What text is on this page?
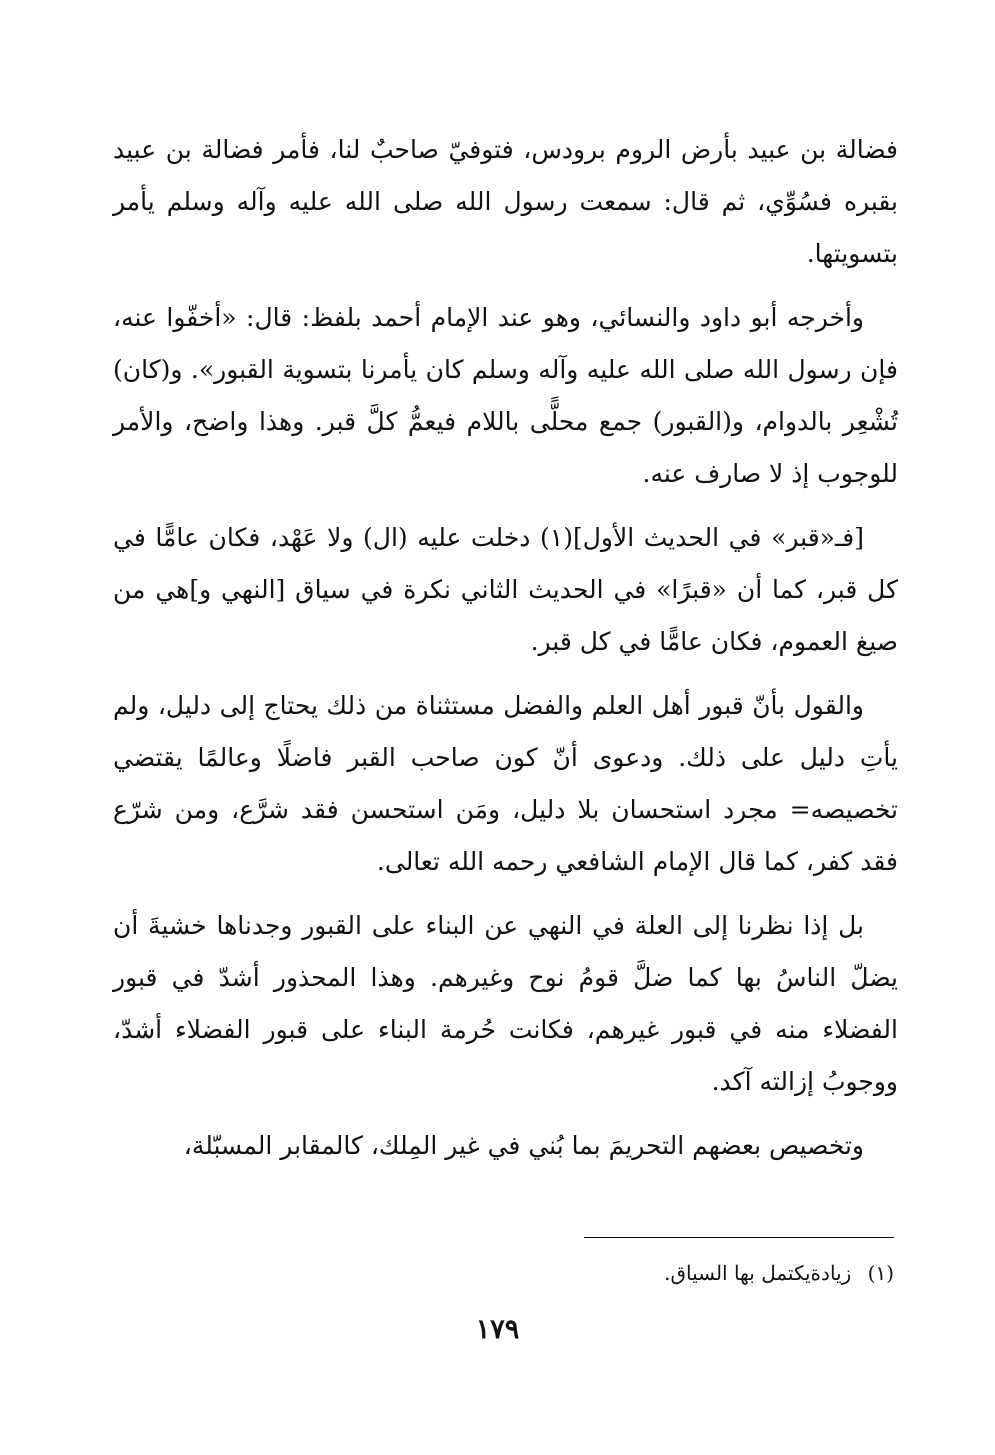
فضالة بن عبيد بأرض الروم برودس، فتوفيّ صاحبٌ لنا، فأمر فضالة بن عبيد بقبره فسُوِّي، ثم قال: سمعت رسول الله صلى الله عليه وآله وسلم يأمر بتسويتها.

وأخرجه أبو داود والنسائي، وهو عند الإمام أحمد بلفظ: قال: «أخفّوا عنه، فإن رسول الله صلى الله عليه وآله وسلم كان يأمرنا بتسوية القبور». و(كان) تُشْعِر بالدوام، و(القبور) جمع محلًّى باللام فيعمُّ كلَّ قبر. وهذا واضح، والأمر للوجوب إذ لا صارف عنه.

[فـ«قبر» في الحديث الأول](١) دخلت عليه (ال) ولا عَهْد، فكان عامًّا في كل قبر، كما أن «قبرًا» في الحديث الثاني نكرة في سياق [النهي و]هي من صيغ العموم، فكان عامًّا في كل قبر.

والقول بأنّ قبور أهل العلم والفضل مستثناة من ذلك يحتاج إلى دليل، ولم يأتِ دليل على ذلك. ودعوى أنّ كون صاحب القبر فاضلًا وعالمًا يقتضي تخصيصه= مجرد استحسان بلا دليل، ومَن استحسن فقد شرَّع، ومن شرّع فقد كفر، كما قال الإمام الشافعي رحمه الله تعالى.

بل إذا نظرنا إلى العلة في النهي عن البناء على القبور وجدناها خشيةَ أن يضلّ الناسُ بها كما ضلَّ قومُ نوح وغيرهم. وهذا المحذور أشدّ في قبور الفضلاء منه في قبور غيرهم، فكانت حُرمة البناء على قبور الفضلاء أشدّ، ووجوبُ إزالته آكد.

وتخصيص بعضهم التحريمَ بما بُني في غير المِلك، كالمقابر المسبّلة،

(١) زيادةيكتمل بها السياق.
١٧٩
